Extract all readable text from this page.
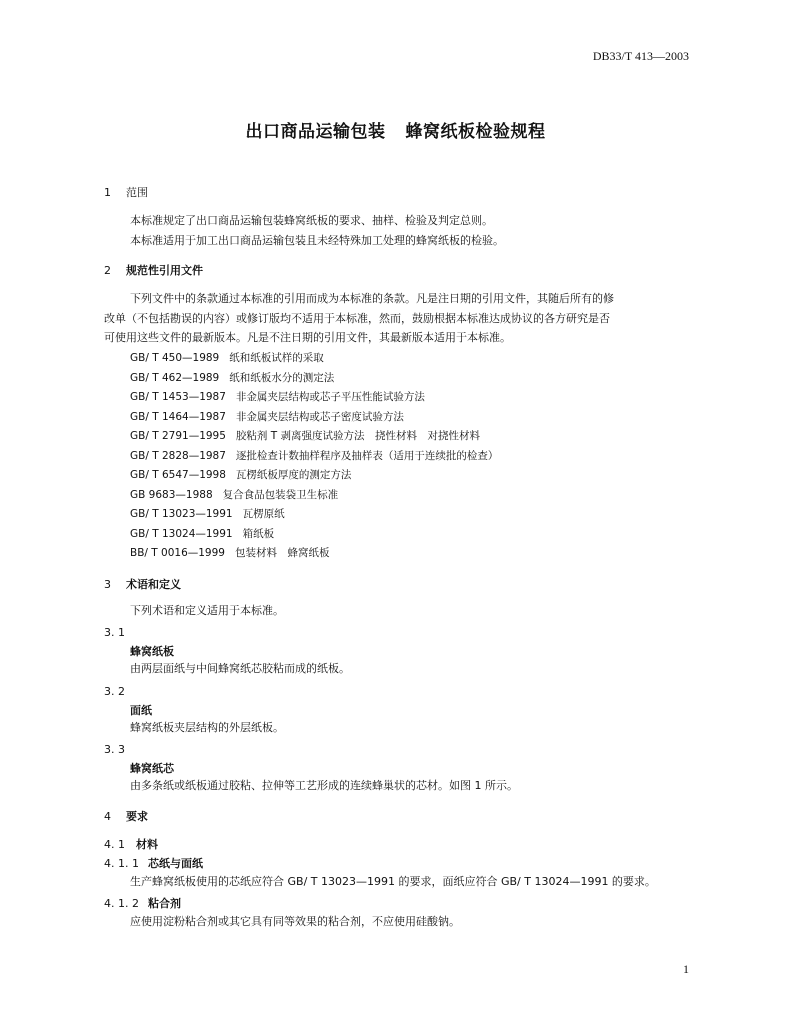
DB33/T 413—2003
出口商品运输包装 蜂窝纸板检验规程
1 范围
本标准规定了出口商品运输包装蜂窝纸板的要求、抽样、检验及判定总则。
本标准适用于加工出口商品运输包装且未经特殊加工处理的蜂窝纸板的检验。
2 规范性引用文件
下列文件中的条款通过本标准的引用而成为本标准的条款。凡是注日期的引用文件，其随后所有的修
改单（不包括勘误的内容）或修订版均不适用于本标准，然而，鼓励根据本标准达成协议的各方研究是否
可使用这些文件的最新版本。凡是不注日期的引用文件，其最新版本适用于本标准。
GB/ T 450—1989 纸和纸板试样的采取
GB/ T 462—1989 纸和纸板水分的测定法
GB/ T 1453—1987 非金属夹层结构或芯子平压性能试验方法
GB/ T 1464—1987 非金属夹层结构或芯子密度试验方法
GB/ T 2791—1995 胶粘剂 T 剥离强度试验方法　挠性材料　对挠性材料
GB/ T 2828—1987 逐批检查计数抽样程序及抽样表（适用于连续批的检查）
GB/ T 6547—1998 瓦楞纸板厚度的测定方法
GB 9683—1988 复合食品包装袋卫生标准
GB/ T 13023—1991 瓦楞原纸
GB/ T 13024—1991 箱纸板
BB/ T 0016—1999 包装材料　蜂窝纸板
3 术语和定义
下列术语和定义适用于本标准。
3. 1
蜂窝纸板
由两层面纸与中间蜂窝纸芯胶粘而成的纸板。
3. 2
面纸
蜂窝纸板夹层结构的外层纸板。
3. 3
蜂窝纸芯
由多条纸或纸板通过胶粘、拉伸等工艺形成的连续蜂巢状的芯材。如图 1 所示。
4 要求
4. 1 材料
4. 1. 1 芯纸与面纸
生产蜂窝纸板使用的芯纸应符合 GB/ T 13023—1991 的要求，面纸应符合 GB/ T 13024—1991 的要求。
4. 1. 2 粘合剂
应使用淀粉粘合剂或其它具有同等效果的粘合剂，不应使用硅酸钠。
1
